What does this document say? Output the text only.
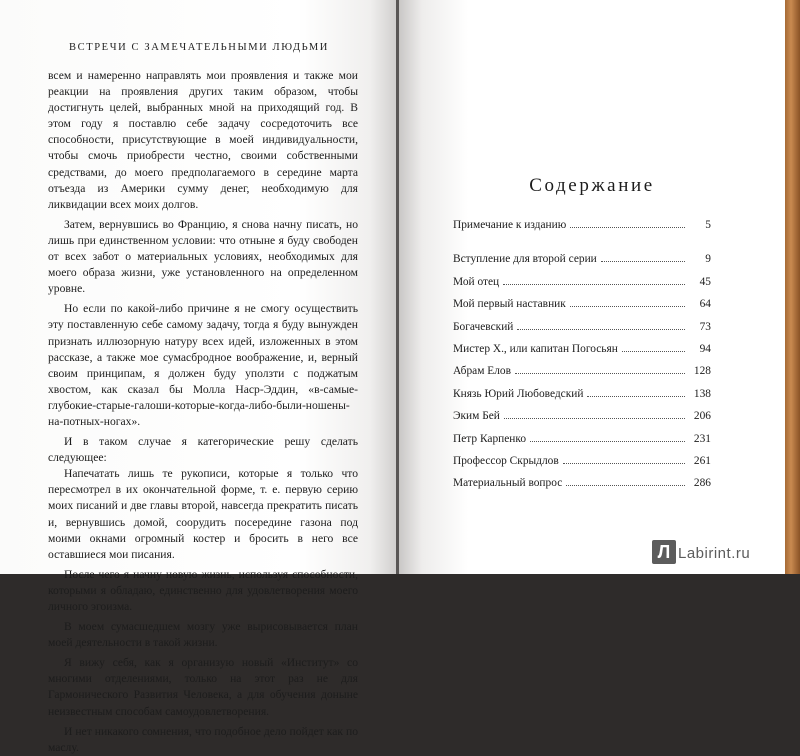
ВСТРЕЧИ С ЗАМЕЧАТЕЛЬНЫМИ ЛЮДЬМИ

всем и намеренно направлять мои проявления и также мои реакции на проявления других таким образом, чтобы достигнуть целей, выбранных мной на приходящий год. В этом году я поставлю себе задачу сосредоточить все способности, присутствующие в моей индивидуальности, чтобы смочь приобрести честно, своими собственными средствами, до моего предполагаемого в середине марта отъезда из Америки сумму денег, необходимую для ликвидации всех моих долгов.

Затем, вернувшись во Францию, я снова начну писать, но лишь при единственном условии: что отныне я буду свободен от всех забот о материальных условиях, необходимых для моего образа жизни, уже установленного на определенном уровне.

Но если по какой-либо причине я не смогу осуществить эту поставленную себе самому задачу, тогда я буду вынужден признать иллюзорную натуру всех идей, изложенных в этом рассказе, а также мое сумасбродное воображение, и, верный своим принципам, я должен буду уползти с поджатым хвостом, как сказал бы Молла Наср-Эддин, «в-самые-глубокие-старые-галоши-которые-когда-либо-были-ношены-на-потных-ногах».

И в таком случае я категорические решу сделать следующее:

Напечатать лишь те рукописи, которые я только что пересмотрел в их окончательной форме, т. е. первую серию моих писаний и две главы второй, навсегда прекратить писать и, вернувшись домой, соорудить посередине газона под моими окнами огромный костер и бросить в него все оставшиеся мои писания.

После чего я начну новую жизнь, используя способности, которыми я обладаю, единственно для удовлетворения моего личного эгоизма.

В моем сумасшедшем мозгу уже вырисовывается план моей деятельности в такой жизни.

Я вижу себя, как я организую новый «Институт» со многими отделениями, только на этот раз не для Гармонического Развития Человека, а для обучения доныне неизвестным способам самоудовлетворения.

И нет никакого сомнения, что подобное дело пойдет как по маслу.

Содержание
Примечание к изданию	5
Вступление для второй серии	9
Мой отец	45
Мой первый наставник	64
Богачевский	73
Мистер Х., или капитан Погосьян	94
Абрам Елов	128
Князь Юрий Любоведский	138
Эким Бей	206
Петр Карпенко	231
Профессор Скрыдлов	261
Материальный вопрос	286
Л Labirint.ru
